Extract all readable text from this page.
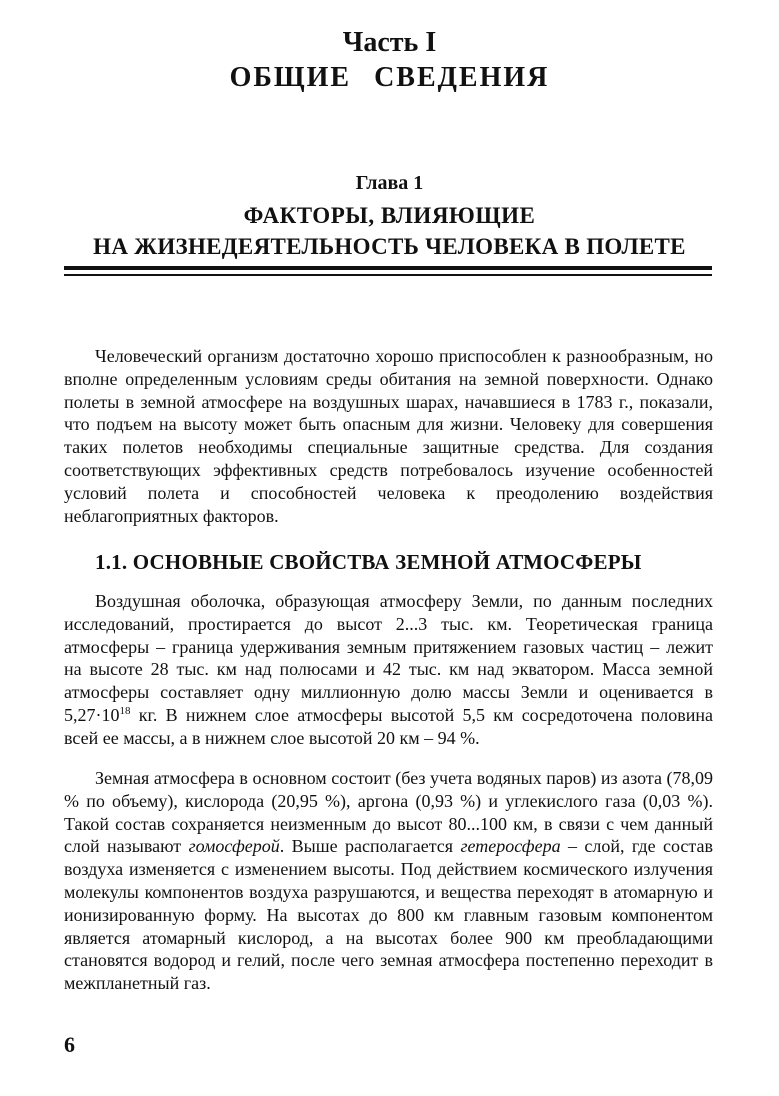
Часть I
ОБЩИЕ СВЕДЕНИЯ
Глава 1
ФАКТОРЫ, ВЛИЯЮЩИЕ
НА ЖИЗНЕДЕЯТЕЛЬНОСТЬ ЧЕЛОВЕКА В ПОЛЕТЕ

Человеческий организм достаточно хорошо приспособлен к разнообразным, но вполне определенным условиям среды обитания на земной поверхности. Однако полеты в земной атмосфере на воздушных шарах, начавшиеся в 1783 г., показали, что подъем на высоту может быть опасным для жизни. Человеку для совершения таких полетов необходимы специальные защитные средства. Для создания соответствующих эффективных средств потребовалось изучение особенностей условий полета и способностей человека к преодолению воздействия неблагоприятных факторов.

1.1. ОСНОВНЫЕ СВОЙСТВА ЗЕМНОЙ АТМОСФЕРЫ

Воздушная оболочка, образующая атмосферу Земли, по данным последних исследований, простирается до высот 2...3 тыс. км. Теоретическая граница атмосферы – граница удерживания земным притяжением газовых частиц – лежит на высоте 28 тыс. км над полюсами и 42 тыс. км над экватором. Масса земной атмосферы составляет одну миллионную долю массы Земли и оценивается в $5,27\cdot 10^{18}$ кг. В нижнем слое атмосферы высотой 5,5 км сосредоточена половина всей ее массы, а в нижнем слое высотой 20 км – 94 %.

Земная атмосфера в основном состоит (без учета водяных паров) из азота (78,09 % по объему), кислорода (20,95 %), аргона (0,93 %) и углекислого газа (0,03 %). Такой состав сохраняется неизменным до высот 80...100 км, в связи с чем данный слой называют гомосферой. Выше располагается гетеросфера – слой, где состав воздуха изменяется с изменением высоты. Под действием космического излучения молекулы компонентов воздуха разрушаются, и вещества переходят в атомарную и ионизированную форму. На высотах до 800 км главным газовым компонентом является атомарный кислород, а на высотах более 900 км преобладающими становятся водород и гелий, после чего земная атмосфера постепенно переходит в межпланетный газ.

6
